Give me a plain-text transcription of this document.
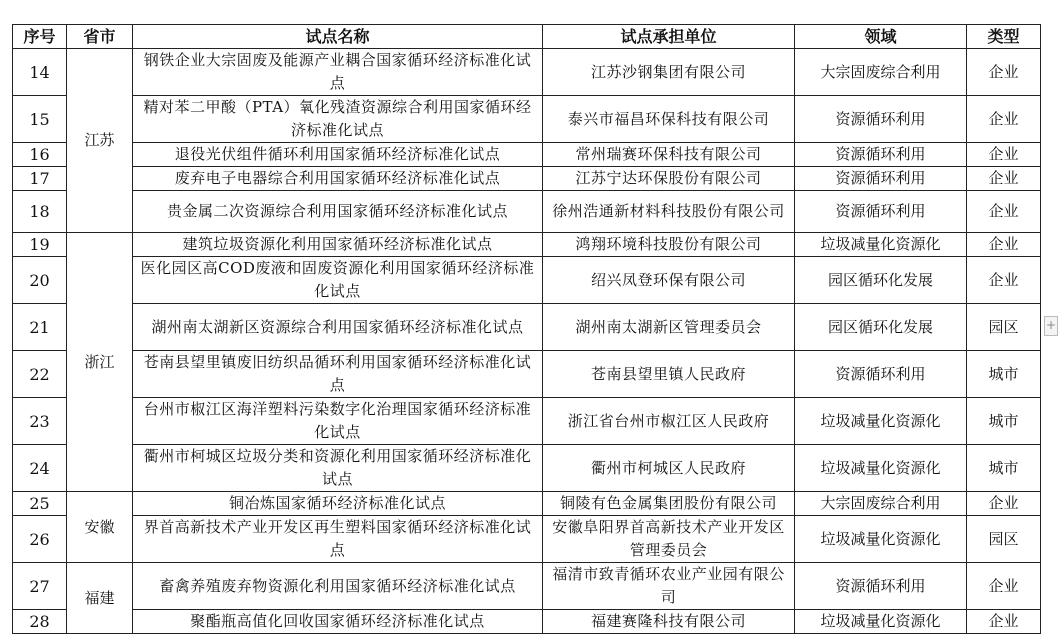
序号	省市	试点名称	试点承担单位	领域	类型
14	江苏	钢铁企业大宗固废及能源产业耦合国家循环经济标准化试点	江苏沙钢集团有限公司	大宗固废综合利用	企业
15		精对苯二甲酸（PTA）氧化残渣资源综合利用国家循环经济标准化试点	泰兴市福昌环保科技有限公司	资源循环利用	企业
16		退役光伏组件循环利用国家循环经济标准化试点	常州瑞赛环保科技有限公司	资源循环利用	企业
17		废弃电子电器综合利用国家循环经济标准化试点	江苏宁达环保股份有限公司	资源循环利用	企业
18		贵金属二次资源综合利用国家循环经济标准化试点	徐州浩通新材料科技股份有限公司	资源循环利用	企业
19	浙江	建筑垃圾资源化利用国家循环经济标准化试点	鸿翔环境科技股份有限公司	垃圾减量化资源化	企业
20		医化园区高COD废液和固废资源化利用国家循环经济标准化试点	绍兴凤登环保有限公司	园区循环化发展	企业
21		湖州南太湖新区资源综合利用国家循环经济标准化试点	湖州南太湖新区管理委员会	园区循环化发展	园区
22		苍南县望里镇废旧纺织品循环利用国家循环经济标准化试点	苍南县望里镇人民政府	资源循环利用	城市
23		台州市椒江区海洋塑料污染数字化治理国家循环经济标准化试点	浙江省台州市椒江区人民政府	垃圾减量化资源化	城市
24		衢州市柯城区垃圾分类和资源化利用国家循环经济标准化试点	衢州市柯城区人民政府	垃圾减量化资源化	城市
25	安徽	铜冶炼国家循环经济标准化试点	铜陵有色金属集团股份有限公司	大宗固废综合利用	企业
26		界首高新技术产业开发区再生塑料国家循环经济标准化试点	安徽阜阳界首高新技术产业开发区管理委员会	垃圾减量化资源化	园区
27	福建	畜禽养殖废弃物资源化利用国家循环经济标准化试点	福清市致青循环农业产业园有限公司	资源循环利用	企业
28		聚酯瓶高值化回收国家循环经济标准化试点	福建赛隆科技有限公司	垃圾减量化资源化	企业
+
